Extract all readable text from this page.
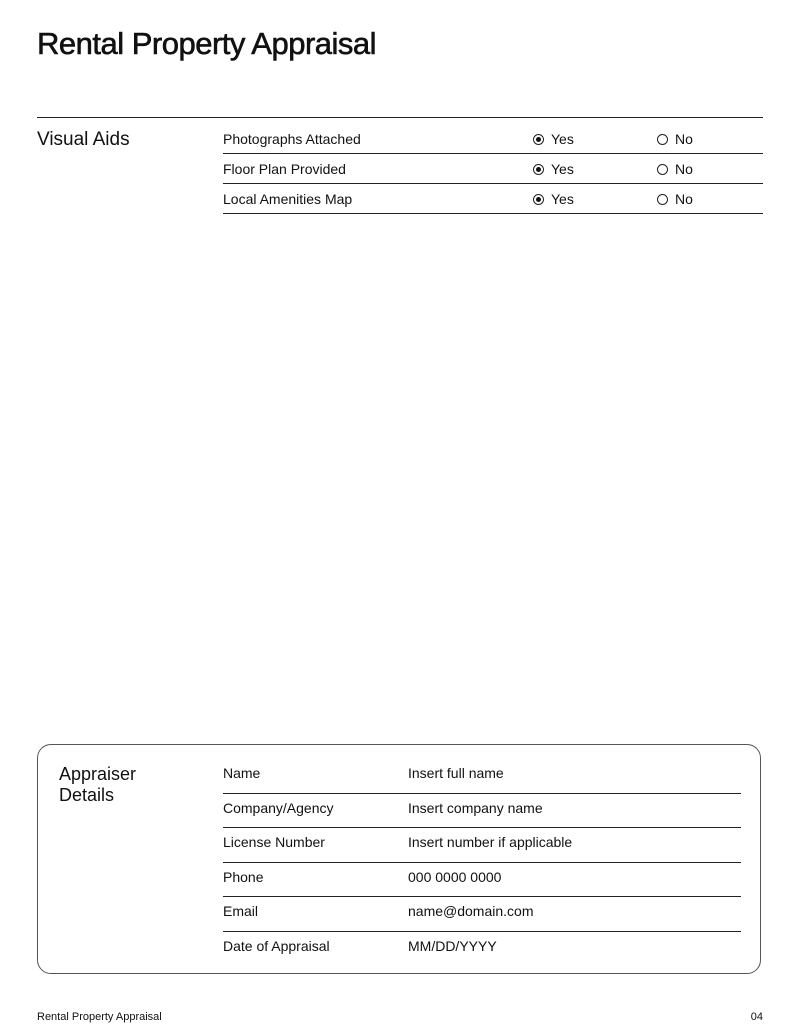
Rental Property Appraisal
Visual Aids	Photographs Attached	Yes	No
Floor Plan Provided	Yes	No
Local Amenities Map	Yes	No
Appraiser Details
Name	Insert full name
Company/Agency	Insert company name
License Number	Insert number if applicable
Phone	000 0000 0000
Email	name@domain.com
Date of Appraisal	MM/DD/YYYY
Rental Property Appraisal	04
